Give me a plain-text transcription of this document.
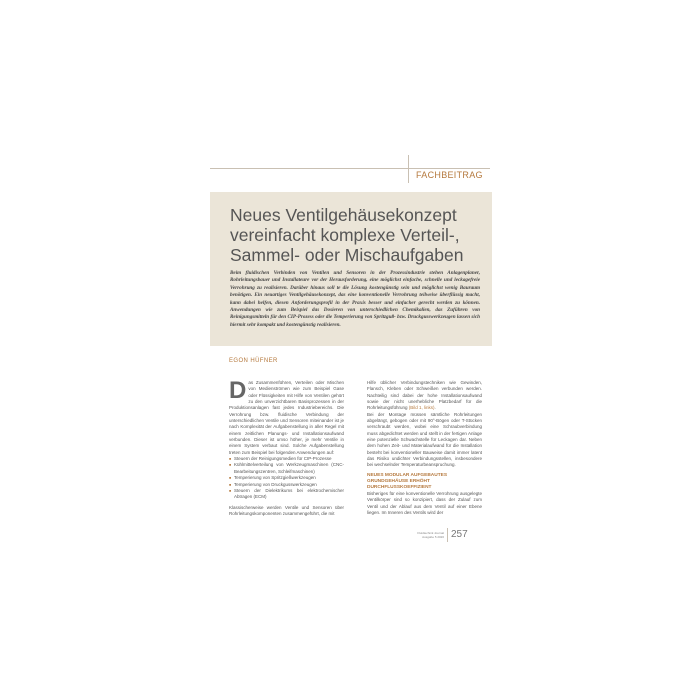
FACHBEITRAG
Neues Ventilgehäusekonzept vereinfacht komplexe Verteil-, Sammel- oder Mischaufgaben
Beim fluidischen Verbinden von Ventilen und Sensoren in der Prozessindustrie stehen Anlagenplaner, Rohrleitungsbauer und Installateure vor der Herausforderung, eine möglichst einfache, schnelle und leckagefreie Verrohrung zu realisieren. Darüber hinaus soll te die Lösung kostengünstig sein und möglichst wenig Bauraum benötigen. Ein neuartiges Ventilgehäusekonzept, das eine konventionelle Verrohrung teilweise überflüssig macht, kann dabei helfen, diesen Anforderungsprofil in der Praxis besser und einfacher gerecht werden zu können. Anwendungen wie zum Beispiel das Dosieren von unterschiedlichen Chemikalien, das Zuführen von Reinigungsmitteln für den CIP-Prozess oder die Temperierung von Spritzguß- bzw. Druckgusswerkzeugen lassen sich hiermit sehr kompakt und kostengünstig realisieren.
EGON HÜFNER

Das Zusammenführen, Verteilen oder Mischen von Medienströmen wie zum Beispiel Gase oder Flüssigkeiten mit Hilfe von Ventilen gehört zu den unverzichtbaren Basisprozessen in der Produktionsanlagen fast jedes Industriebereichs. Die Verrohrung bzw. fluidische Verbindung der unterschiedlichen Ventile und Sensoren miteinander ist je nach Komplexität der Aufgabenstellung in aller Regel mit einem zeitlichen Planungs- und Installationsaufwand verbunden. Dieser ist umso höher, je mehr Ventile in einem System verbaut sind. Solche Aufgabenstellung treten zum Beispiel bei folgenden Anwendungen auf:

■ Steuern der Reinigungsmedien für CIP-Prozesse
■ Kühlmittelverteilung von Werkzeugmaschinen (CNC-Bearbeitungszentren, Schleifmaschinen)
■ Temperierung von Spritzgießwerkzeugen
■ Temperierung von Druckgusswerkzeugen
■ Steuern der Dielektrikums bei elektrochemischer Abtragen (ECM)

Klassischerweise werden Ventile und Sensoren über Rohrleitungskomponenten zusammengeführt, die mit

Hilfe üblicher Verbindungstechniken wie Gewinden, Flansch, Kleben oder Schweißen verbunden werden. Nachteilig sind dabei der hohe Installationsaufwand sowie der nicht unerhebliche Platzbedarf für die Rohrleitungsführung (Bild 1, links).

Bei der Montage müssen sämtliche Rohrleitungen abgelängt, gebogen oder mit 90°-Bögen oder T-Stücken verschraubt werden, wobei eine Schraubverbindung muss abgedichtet werden und stellt in der fertigen Anlage eine potenzielle Schwachstelle für Leckagen dar. Neben dem hohen Zeit- und Materialaufwand für die Installation besteht bei konventioneller Bauweise damit immer latent das Risiko undichter Verbindungsstellen, insbesondere bei wechselnder Temperaturbeanspruchung.

NEUES MODULAR AUFGEBAUTES GRUNDGEHÄUSE ERHÖHT DURCHFLUSSKOEFFIZIENT

Bisheriges für eine konventionelle Verrohrung ausgelegte Ventilkörper sind so konzipiert, dass der Zulauf zum Ventil und der Ablauf aus dem Ventil auf einer Ebene liegen. Im Inneren des Ventils wird der

Fluidtechnik Journal
Ausgabe 5 2020 257
